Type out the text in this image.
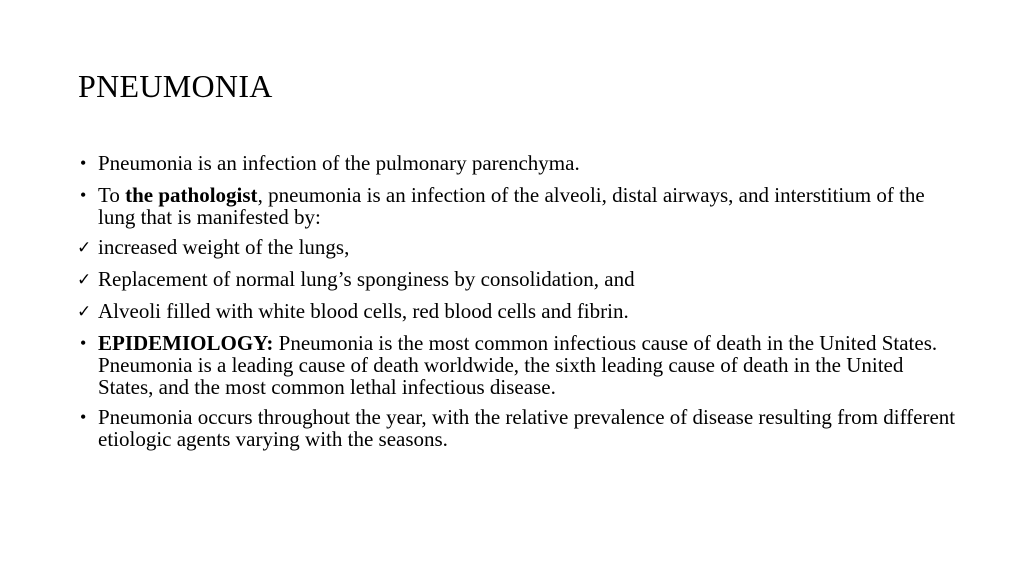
PNEUMONIA
• Pneumonia is an infection of the pulmonary parenchyma.
• To the pathologist, pneumonia is an infection of the alveoli, distal airways, and interstitium of the lung that is manifested by:
✓ increased weight of the lungs,
✓ Replacement of normal lung’s sponginess by consolidation, and
✓ Alveoli filled with white blood cells, red blood cells and fibrin.
• EPIDEMIOLOGY: Pneumonia is the most common infectious cause of death in the United States. Pneumonia is a leading cause of death worldwide, the sixth leading cause of death in the United States, and the most common lethal infectious disease.
• Pneumonia occurs throughout the year, with the relative prevalence of disease resulting from different etiologic agents varying with the seasons.
